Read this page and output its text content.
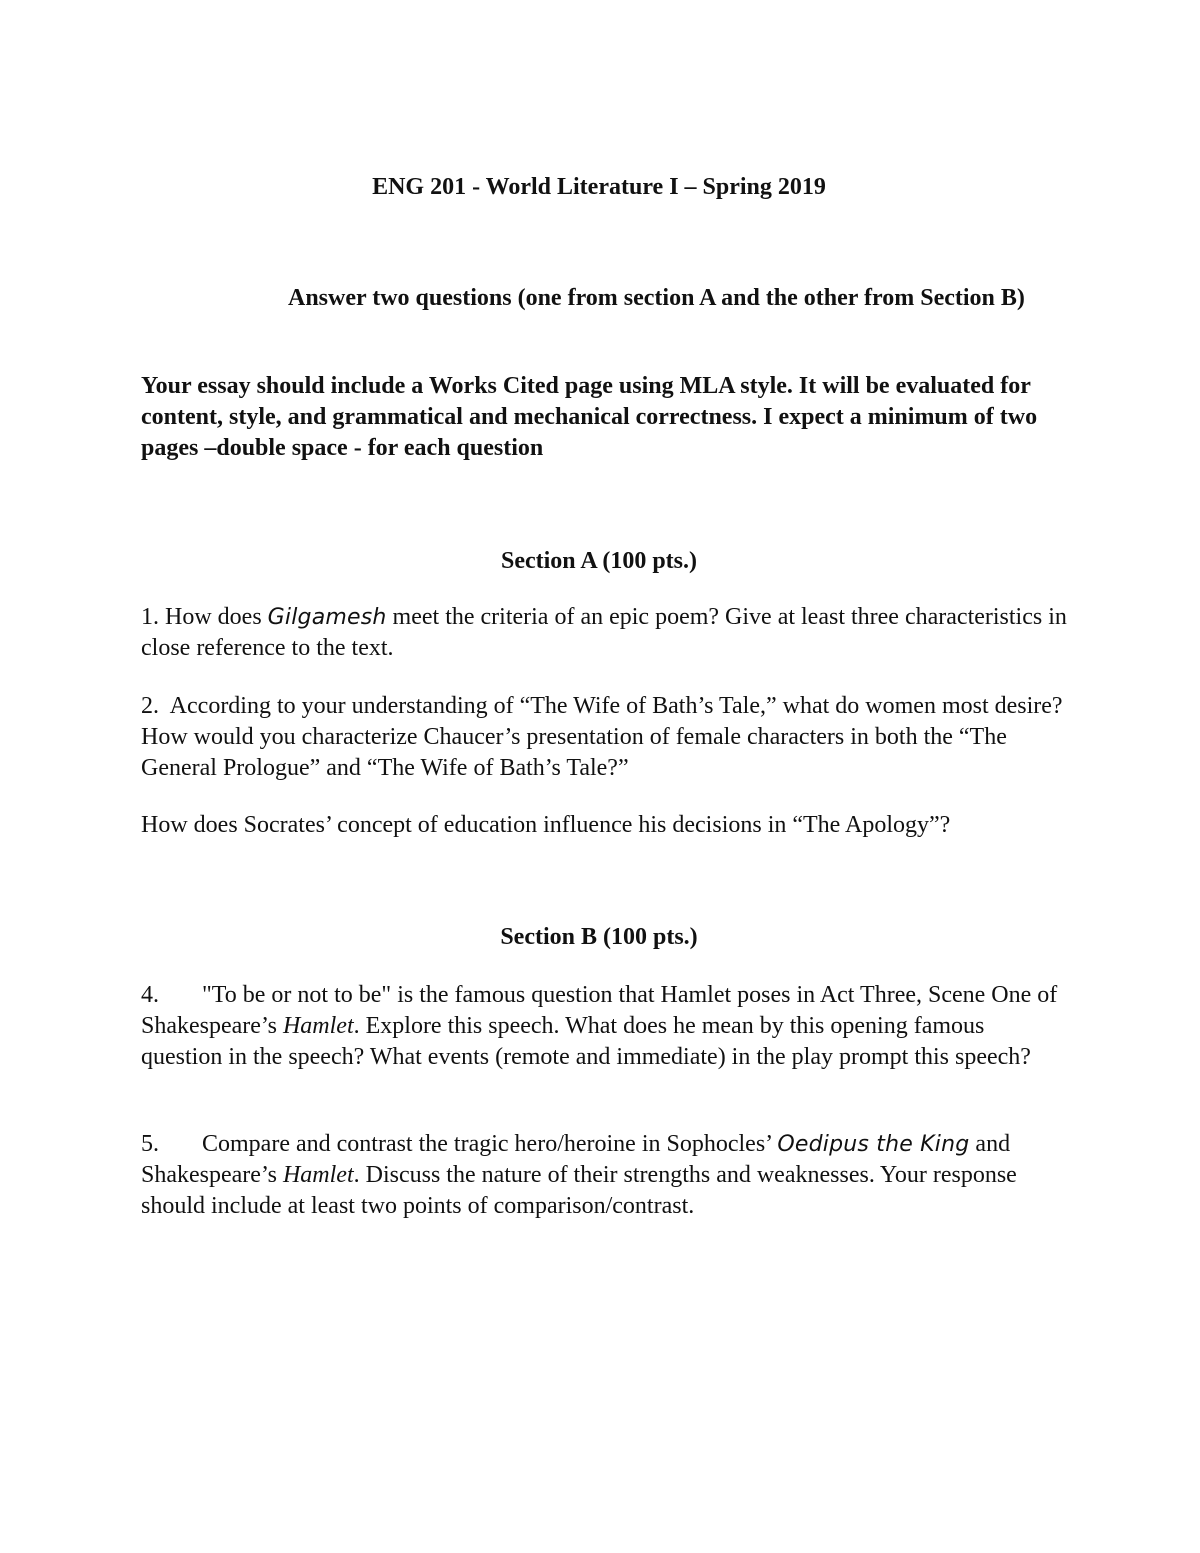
ENG 201 - World Literature I – Spring 2019

Answer two questions (one from section A and the other from Section B)

Your essay should include a Works Cited page using MLA style. It will be evaluated for content, style, and grammatical and mechanical correctness. I expect a minimum of two pages –double space - for each question

Section A (100 pts.)

1. How does Gilgamesh meet the criteria of an epic poem? Give at least three characteristics in close reference to the text.

2.  According to your understanding of “The Wife of Bath’s Tale,” what do women most desire? How would you characterize Chaucer’s presentation of female characters in both the “The General Prologue” and “The Wife of Bath’s Tale?”

How does Socrates’ concept of education influence his decisions in “The Apology”?

Section B (100 pts.)

4. "To be or not to be" is the famous question that Hamlet poses in Act Three, Scene One of Shakespeare’s Hamlet. Explore this speech. What does he mean by this opening famous question in the speech? What events (remote and immediate) in the play prompt this speech?

5. Compare and contrast the tragic hero/heroine in Sophocles’ Oedipus the King and Shakespeare’s Hamlet. Discuss the nature of their strengths and weaknesses. Your response should include at least two points of comparison/contrast.
